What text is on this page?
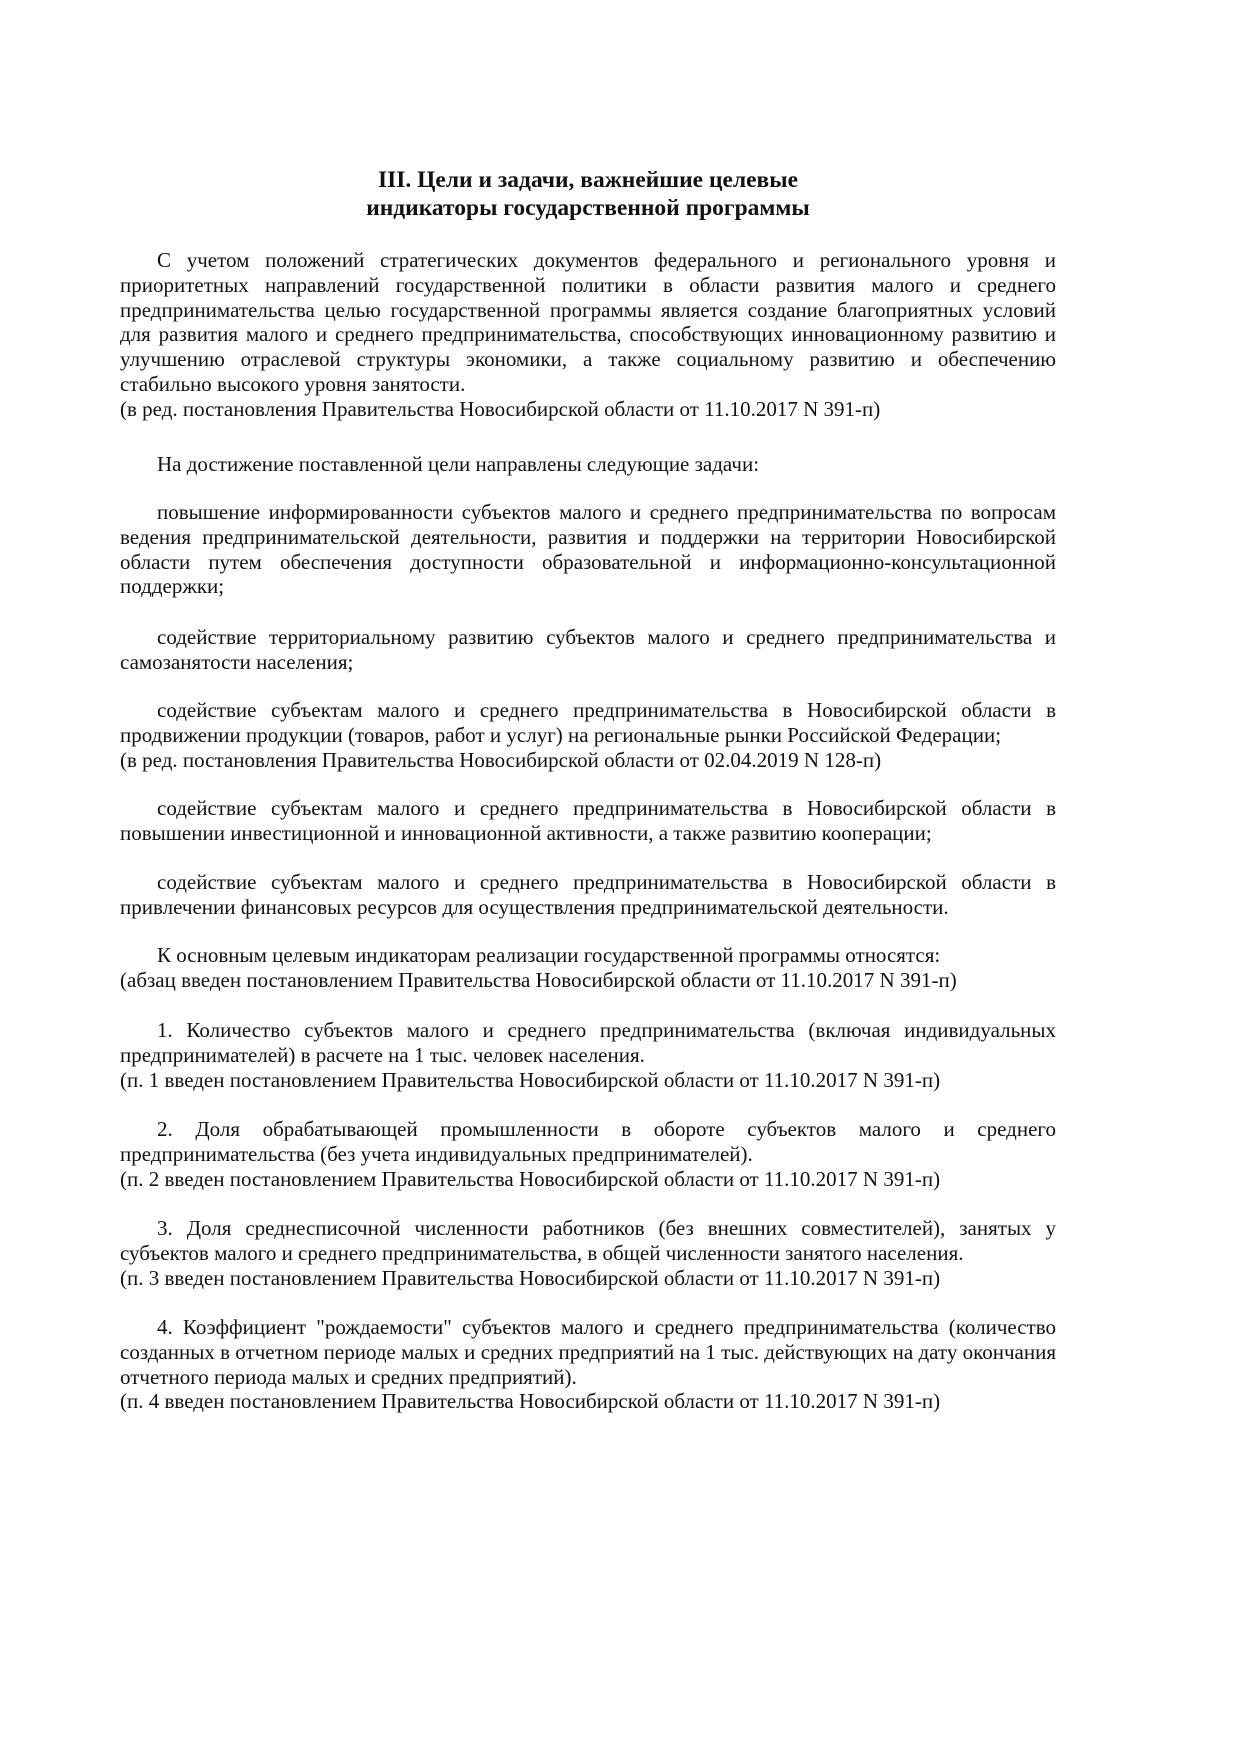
III. Цели и задачи, важнейшие целевые
индикаторы государственной программы
С учетом положений стратегических документов федерального и регионального уровня и приоритетных направлений государственной политики в области развития малого и среднего предпринимательства целью государственной программы является создание благоприятных условий для развития малого и среднего предпринимательства, способствующих инновационному развитию и улучшению отраслевой структуры экономики, а также социальному развитию и обеспечению стабильно высокого уровня занятости.
(в ред. постановления Правительства Новосибирской области от 11.10.2017 N 391-п)
На достижение поставленной цели направлены следующие задачи:
повышение информированности субъектов малого и среднего предпринимательства по вопросам ведения предпринимательской деятельности, развития и поддержки на территории Новосибирской области путем обеспечения доступности образовательной и информационно-консультационной поддержки;
содействие территориальному развитию субъектов малого и среднего предпринимательства и самозанятости населения;
содействие субъектам малого и среднего предпринимательства в Новосибирской области в продвижении продукции (товаров, работ и услуг) на региональные рынки Российской Федерации;
(в ред. постановления Правительства Новосибирской области от 02.04.2019 N 128-п)
содействие субъектам малого и среднего предпринимательства в Новосибирской области в повышении инвестиционной и инновационной активности, а также развитию кооперации;
содействие субъектам малого и среднего предпринимательства в Новосибирской области в привлечении финансовых ресурсов для осуществления предпринимательской деятельности.
К основным целевым индикаторам реализации государственной программы относятся:
(абзац введен постановлением Правительства Новосибирской области от 11.10.2017 N 391-п)
1. Количество субъектов малого и среднего предпринимательства (включая индивидуальных предпринимателей) в расчете на 1 тыс. человек населения.
(п. 1 введен постановлением Правительства Новосибирской области от 11.10.2017 N 391-п)
2. Доля обрабатывающей промышленности в обороте субъектов малого и среднего предпринимательства (без учета индивидуальных предпринимателей).
(п. 2 введен постановлением Правительства Новосибирской области от 11.10.2017 N 391-п)
3. Доля среднесписочной численности работников (без внешних совместителей), занятых у субъектов малого и среднего предпринимательства, в общей численности занятого населения.
(п. 3 введен постановлением Правительства Новосибирской области от 11.10.2017 N 391-п)
4. Коэффициент "рождаемости" субъектов малого и среднего предпринимательства (количество созданных в отчетном периоде малых и средних предприятий на 1 тыс. действующих на дату окончания отчетного периода малых и средних предприятий).
(п. 4 введен постановлением Правительства Новосибирской области от 11.10.2017 N 391-п)
